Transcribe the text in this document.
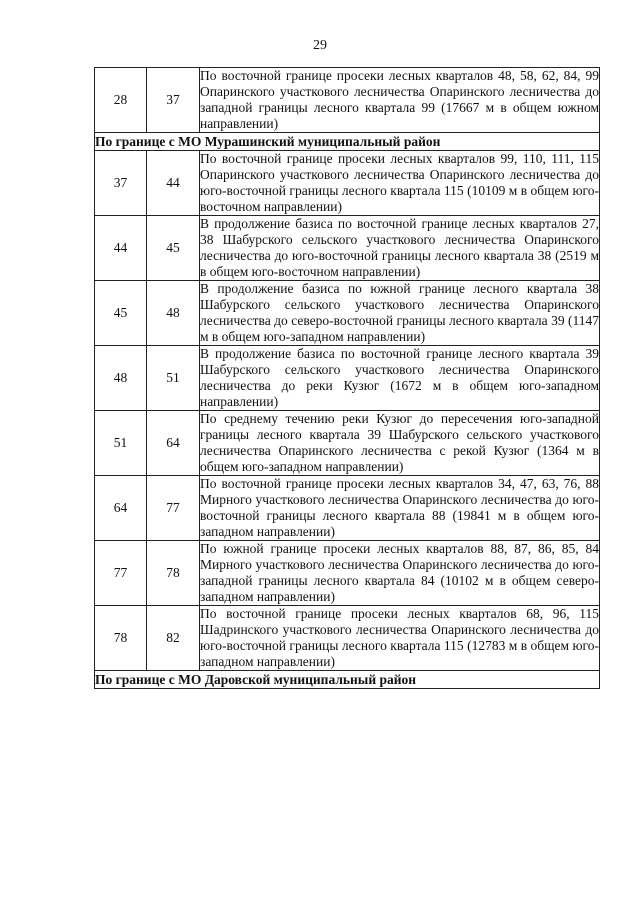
29
28	37	По восточной границе просеки лесных кварталов 48, 58, 62, 84, 99 Опаринского участкового лесничества Опаринского лесничества до западной границы лесного квартала 99 (17667 м в общем южном направлении)
По границе с МО Мурашинский муниципальный район		
37	44	По восточной границе просеки лесных кварталов 99, 110, 111, 115 Опаринского участкового лесничества Опаринского лесничества до юго-восточной границы лесного квартала 115 (10109 м в общем юго-восточном направлении)
44	45	В продолжение базиса по восточной границе лесных кварталов 27, 38 Шабурского сельского участкового лесничества Опаринского лесничества до юго-восточной границы лесного квартала 38 (2519 м в общем юго-восточном направлении)
45	48	В продолжение базиса по южной границе лесного квартала 38 Шабурского сельского участкового лесничества Опаринского лесничества до северо-восточной границы лесного квартала 39 (1147 м в общем юго-западном направлении)
48	51	В продолжение базиса по восточной границе лесного квартала 39 Шабурского сельского участкового лесничества Опаринского лесничества до реки Кузюг (1672 м в общем юго-западном направлении)
51	64	По среднему течению реки Кузюг до пересечения юго-западной границы лесного квартала 39 Шабурского сельского участкового лесничества Опаринского лесничества с рекой Кузюг (1364 м в общем юго-западном направлении)
64	77	По восточной границе просеки лесных кварталов 34, 47, 63, 76, 88 Мирного участкового лесничества Опаринского лесничества до юго-восточной границы лесного квартала 88 (19841 м в общем юго-западном направлении)
77	78	По южной границе просеки лесных кварталов 88, 87, 86, 85, 84 Мирного участкового лесничества Опаринского лесничества до юго-западной границы лесного квартала 84 (10102 м в общем северо-западном направлении)
78	82	По восточной границе просеки лесных кварталов 68, 96, 115 Шадринского участкового лесничества Опаринского лесничества до юго-восточной границы лесного квартала 115 (12783 м в общем юго-западном направлении)
По границе с МО Даровской муниципальный район		
